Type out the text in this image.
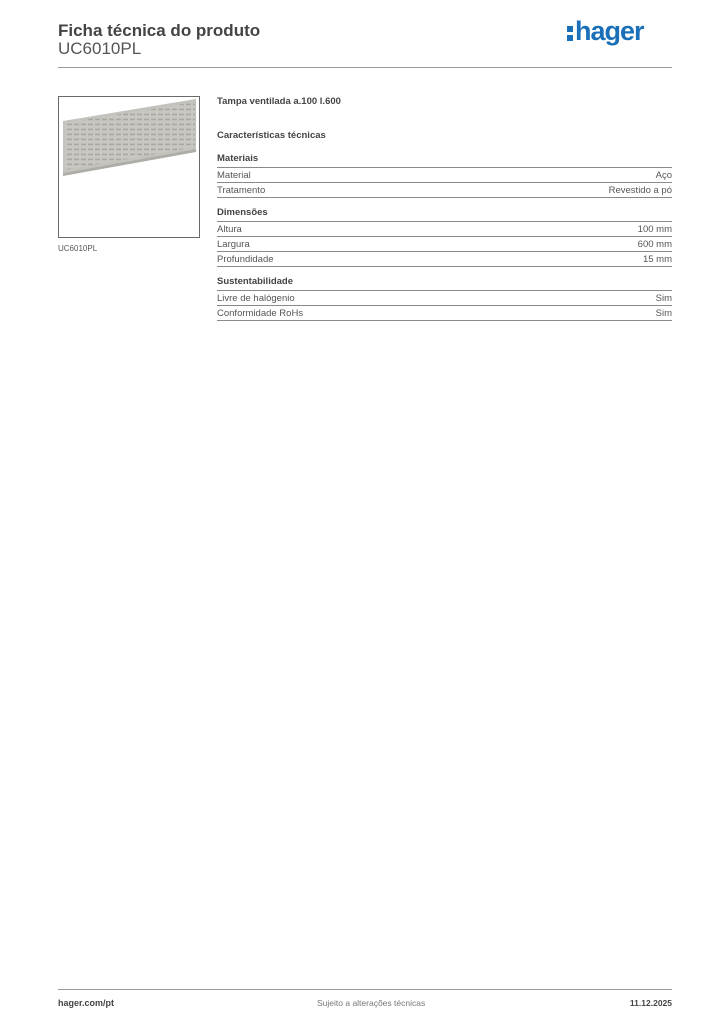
Ficha técnica do produto
UC6010PL
hager
UC6010PL
Tampa ventilada a.100 l.600
Características técnicas
Materiais
Material	Aço
Tratamento	Revestido a pó
Dimensões
Altura	100 mm
Largura	600 mm
Profundidade	15 mm
Sustentabilidade
Livre de halógenio	Sim
Conformidade RoHs	Sim
hager.com/pt	Sujeito a alterações técnicas	11.12.2025
